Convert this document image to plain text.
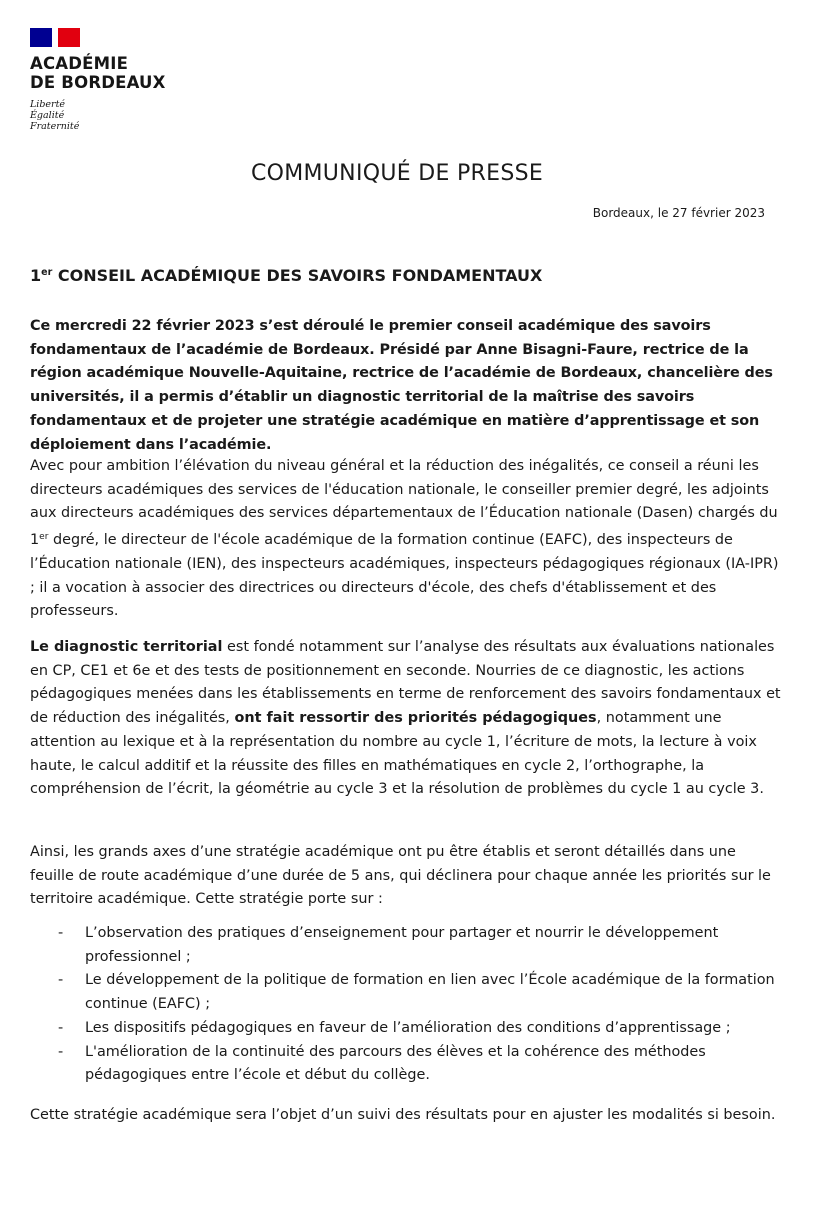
ACADÉMIE
DE BORDEAUX
Liberté
Égalité
Fraternité
COMMUNIQUÉ DE PRESSE
Bordeaux, le 27 février 2023
1er CONSEIL ACADÉMIQUE DES SAVOIRS FONDAMENTAUX

Ce mercredi 22 février 2023 s’est déroulé le premier conseil académique des savoirs fondamentaux de l’académie de Bordeaux. Présidé par Anne Bisagni-Faure, rectrice de la région académique Nouvelle-Aquitaine, rectrice de l’académie de Bordeaux, chancelière des universités, il a permis d’établir un diagnostic territorial de la maîtrise des savoirs fondamentaux et de projeter une stratégie académique en matière d’apprentissage et son déploiement dans l’académie.

Avec pour ambition l’élévation du niveau général et la réduction des inégalités, ce conseil a réuni les directeurs académiques des services de l'éducation nationale, le conseiller premier degré, les adjoints aux directeurs académiques des services départementaux de l’Éducation nationale (Dasen) chargés du 1er degré, le directeur de l'école académique de la formation continue (EAFC), des inspecteurs de l’Éducation nationale (IEN), des inspecteurs académiques, inspecteurs pédagogiques régionaux (IA-IPR) ; il a vocation à associer des directrices ou directeurs d'école, des chefs d'établissement et des professeurs.

Le diagnostic territorial est fondé notamment sur l’analyse des résultats aux évaluations nationales en CP, CE1 et 6e et des tests de positionnement en seconde. Nourries de ce diagnostic, les actions pédagogiques menées dans les établissements en terme de renforcement des savoirs fondamentaux et de réduction des inégalités, ont fait ressortir des priorités pédagogiques, notamment une attention au lexique et à la représentation du nombre au cycle 1, l’écriture de mots, la lecture à voix haute, le calcul additif et la réussite des filles en mathématiques en cycle 2, l’orthographe, la compréhension de l’écrit, la géométrie au cycle 3 et la résolution de problèmes du cycle 1 au cycle 3.

Ainsi, les grands axes d’une stratégie académique ont pu être établis et seront détaillés dans une feuille de route académique d’une durée de 5 ans, qui déclinera pour chaque année les priorités sur le territoire académique. Cette stratégie porte sur :

- L’observation des pratiques d’enseignement pour partager et nourrir le développement professionnel ;
- Le développement de la politique de formation en lien avec l’École académique de la formation continue (EAFC) ;
- Les dispositifs pédagogiques en faveur de l’amélioration des conditions d’apprentissage ;
- L'amélioration de la continuité des parcours des élèves et la cohérence des méthodes pédagogiques entre l’école et début du collège.

Cette stratégie académique sera l’objet d’un suivi des résultats pour en ajuster les modalités si besoin.
